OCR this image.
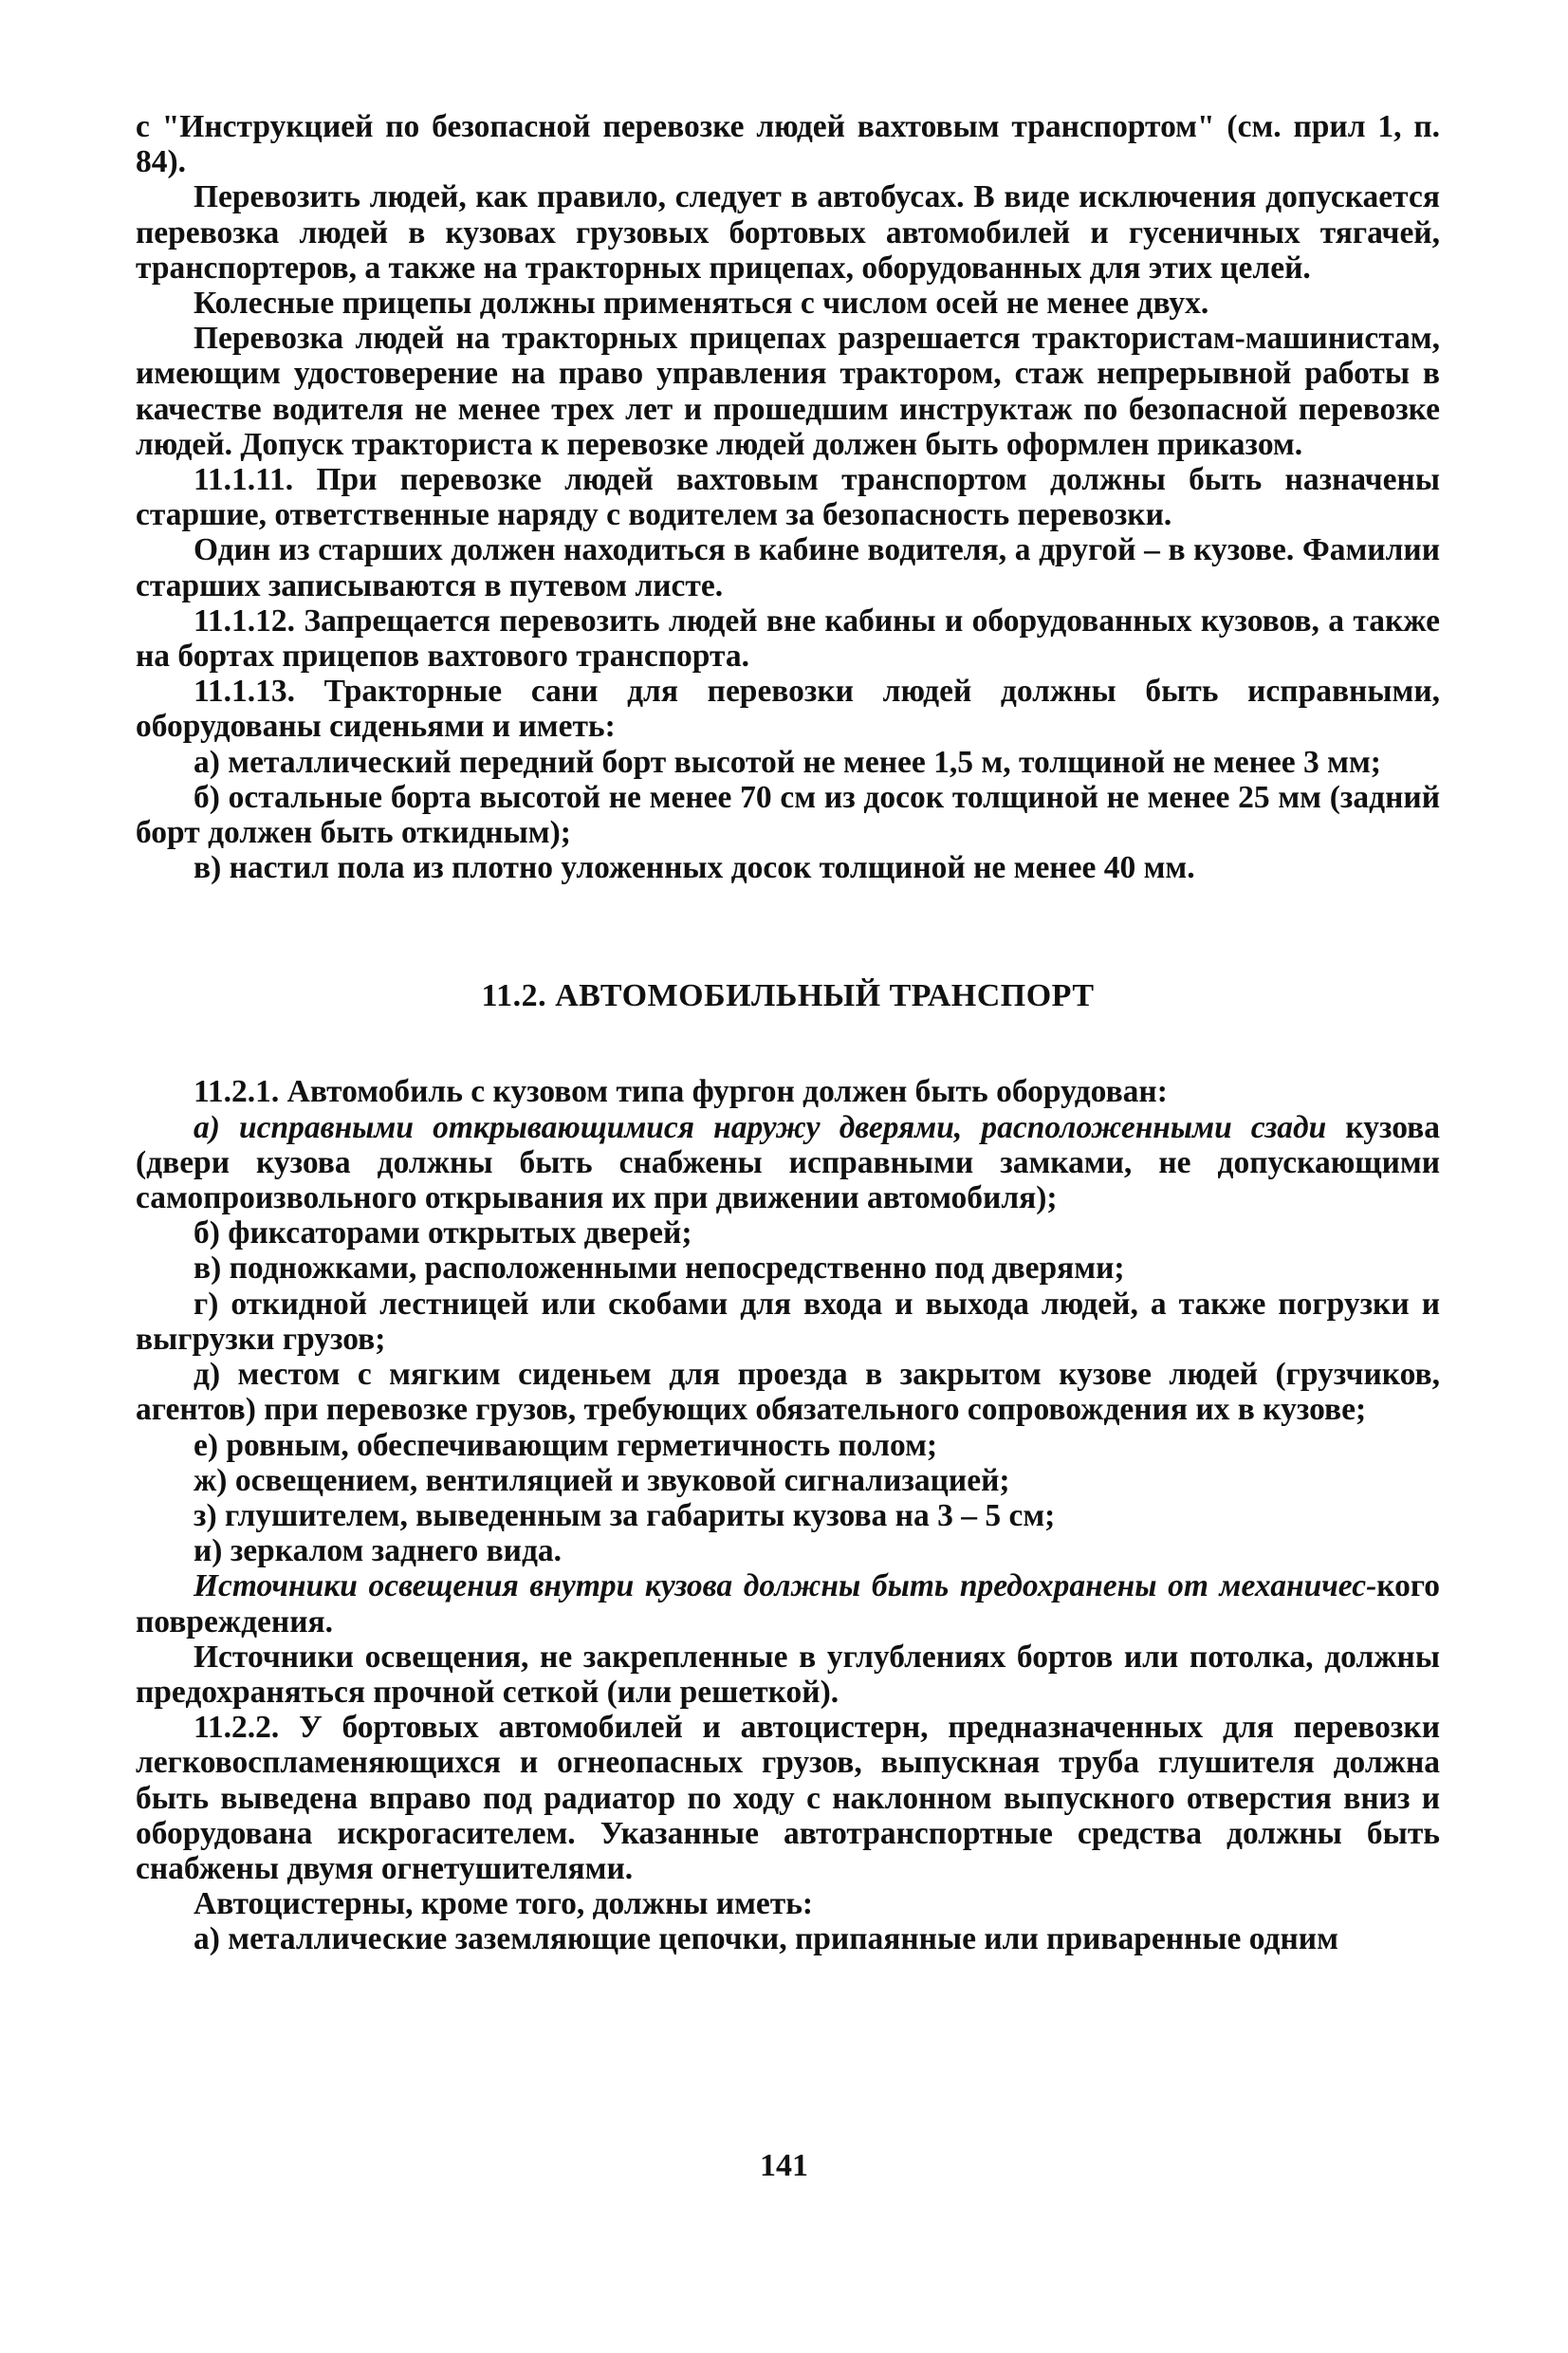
с "Инструкцией по безопасной перевозке людей вахтовым транспортом" (см. прил 1, п. 84).

Перевозить людей, как правило, следует в автобусах. В виде исключения допускается перевозка людей в кузовах грузовых бортовых автомобилей и гусеничных тягачей, транспортеров, а также на тракторных прицепах, оборудованных для этих целей.

Колесные прицепы должны применяться с числом осей не менее двух.

Перевозка людей на тракторных прицепах разрешается трактористам-машинистам, имеющим удостоверение на право управления трактором, стаж непрерывной работы в качестве водителя не менее трех лет и прошедшим инструктаж по безопасной перевозке людей. Допуск тракториста к перевозке людей должен быть оформлен приказом.

11.1.11. При перевозке людей вахтовым транспортом должны быть назначены старшие, ответственные наряду с водителем за безопасность перевозки.

Один из старших должен находиться в кабине водителя, а другой – в кузове. Фамилии старших записываются в путевом листе.

11.1.12. Запрещается перевозить людей вне кабины и оборудованных кузовов, а также на бортах прицепов вахтового транспорта.

11.1.13. Тракторные сани для перевозки людей должны быть исправными, оборудованы сиденьями и иметь:

а) металлический передний борт высотой не менее 1,5 м, толщиной не менее 3 мм;

б) остальные борта высотой не менее 70 см из досок толщиной не менее 25 мм (задний борт должен быть откидным);

в) настил пола из плотно уложенных досок толщиной не менее 40 мм.

11.2. АВТОМОБИЛЬНЫЙ ТРАНСПОРТ

11.2.1. Автомобиль с кузовом типа фургон должен быть оборудован:

а) исправными открывающимися наружу дверями, расположенными сзади кузова (двери кузова должны быть снабжены исправными замками, не допускающими самопроизвольного открывания их при движении автомобиля);

б) фиксаторами открытых дверей;

в) подножками, расположенными непосредственно под дверями;

г) откидной лестницей или скобами для входа и выхода людей, а также погрузки и выгрузки грузов;

д) местом с мягким сиденьем для проезда в закрытом кузове людей (грузчиков, агентов) при перевозке грузов, требующих обязательного сопровождения их в кузове;

е) ровным, обеспечивающим герметичность полом;

ж) освещением, вентиляцией и звуковой сигнализацией;

з) глушителем, выведенным за габариты кузова на 3 – 5 см;

и) зеркалом заднего вида.

Источники освещения внутри кузова должны быть предохранены от механичес-кого повреждения.

Источники освещения, не закрепленные в углублениях бортов или потолка, должны предохраняться прочной сеткой (или решеткой).

11.2.2. У бортовых автомобилей и автоцистерн, предназначенных для перевозки легковоспламеняющихся и огнеопасных грузов, выпускная труба глушителя должна быть выведена вправо под радиатор по ходу с наклонном выпускного отверстия вниз и оборудована искрогасителем. Указанные автотранспортные средства должны быть снабжены двумя огнетушителями.

Автоцистерны, кроме того, должны иметь:

а) металлические заземляющие цепочки, припаянные или приваренные одним

141
